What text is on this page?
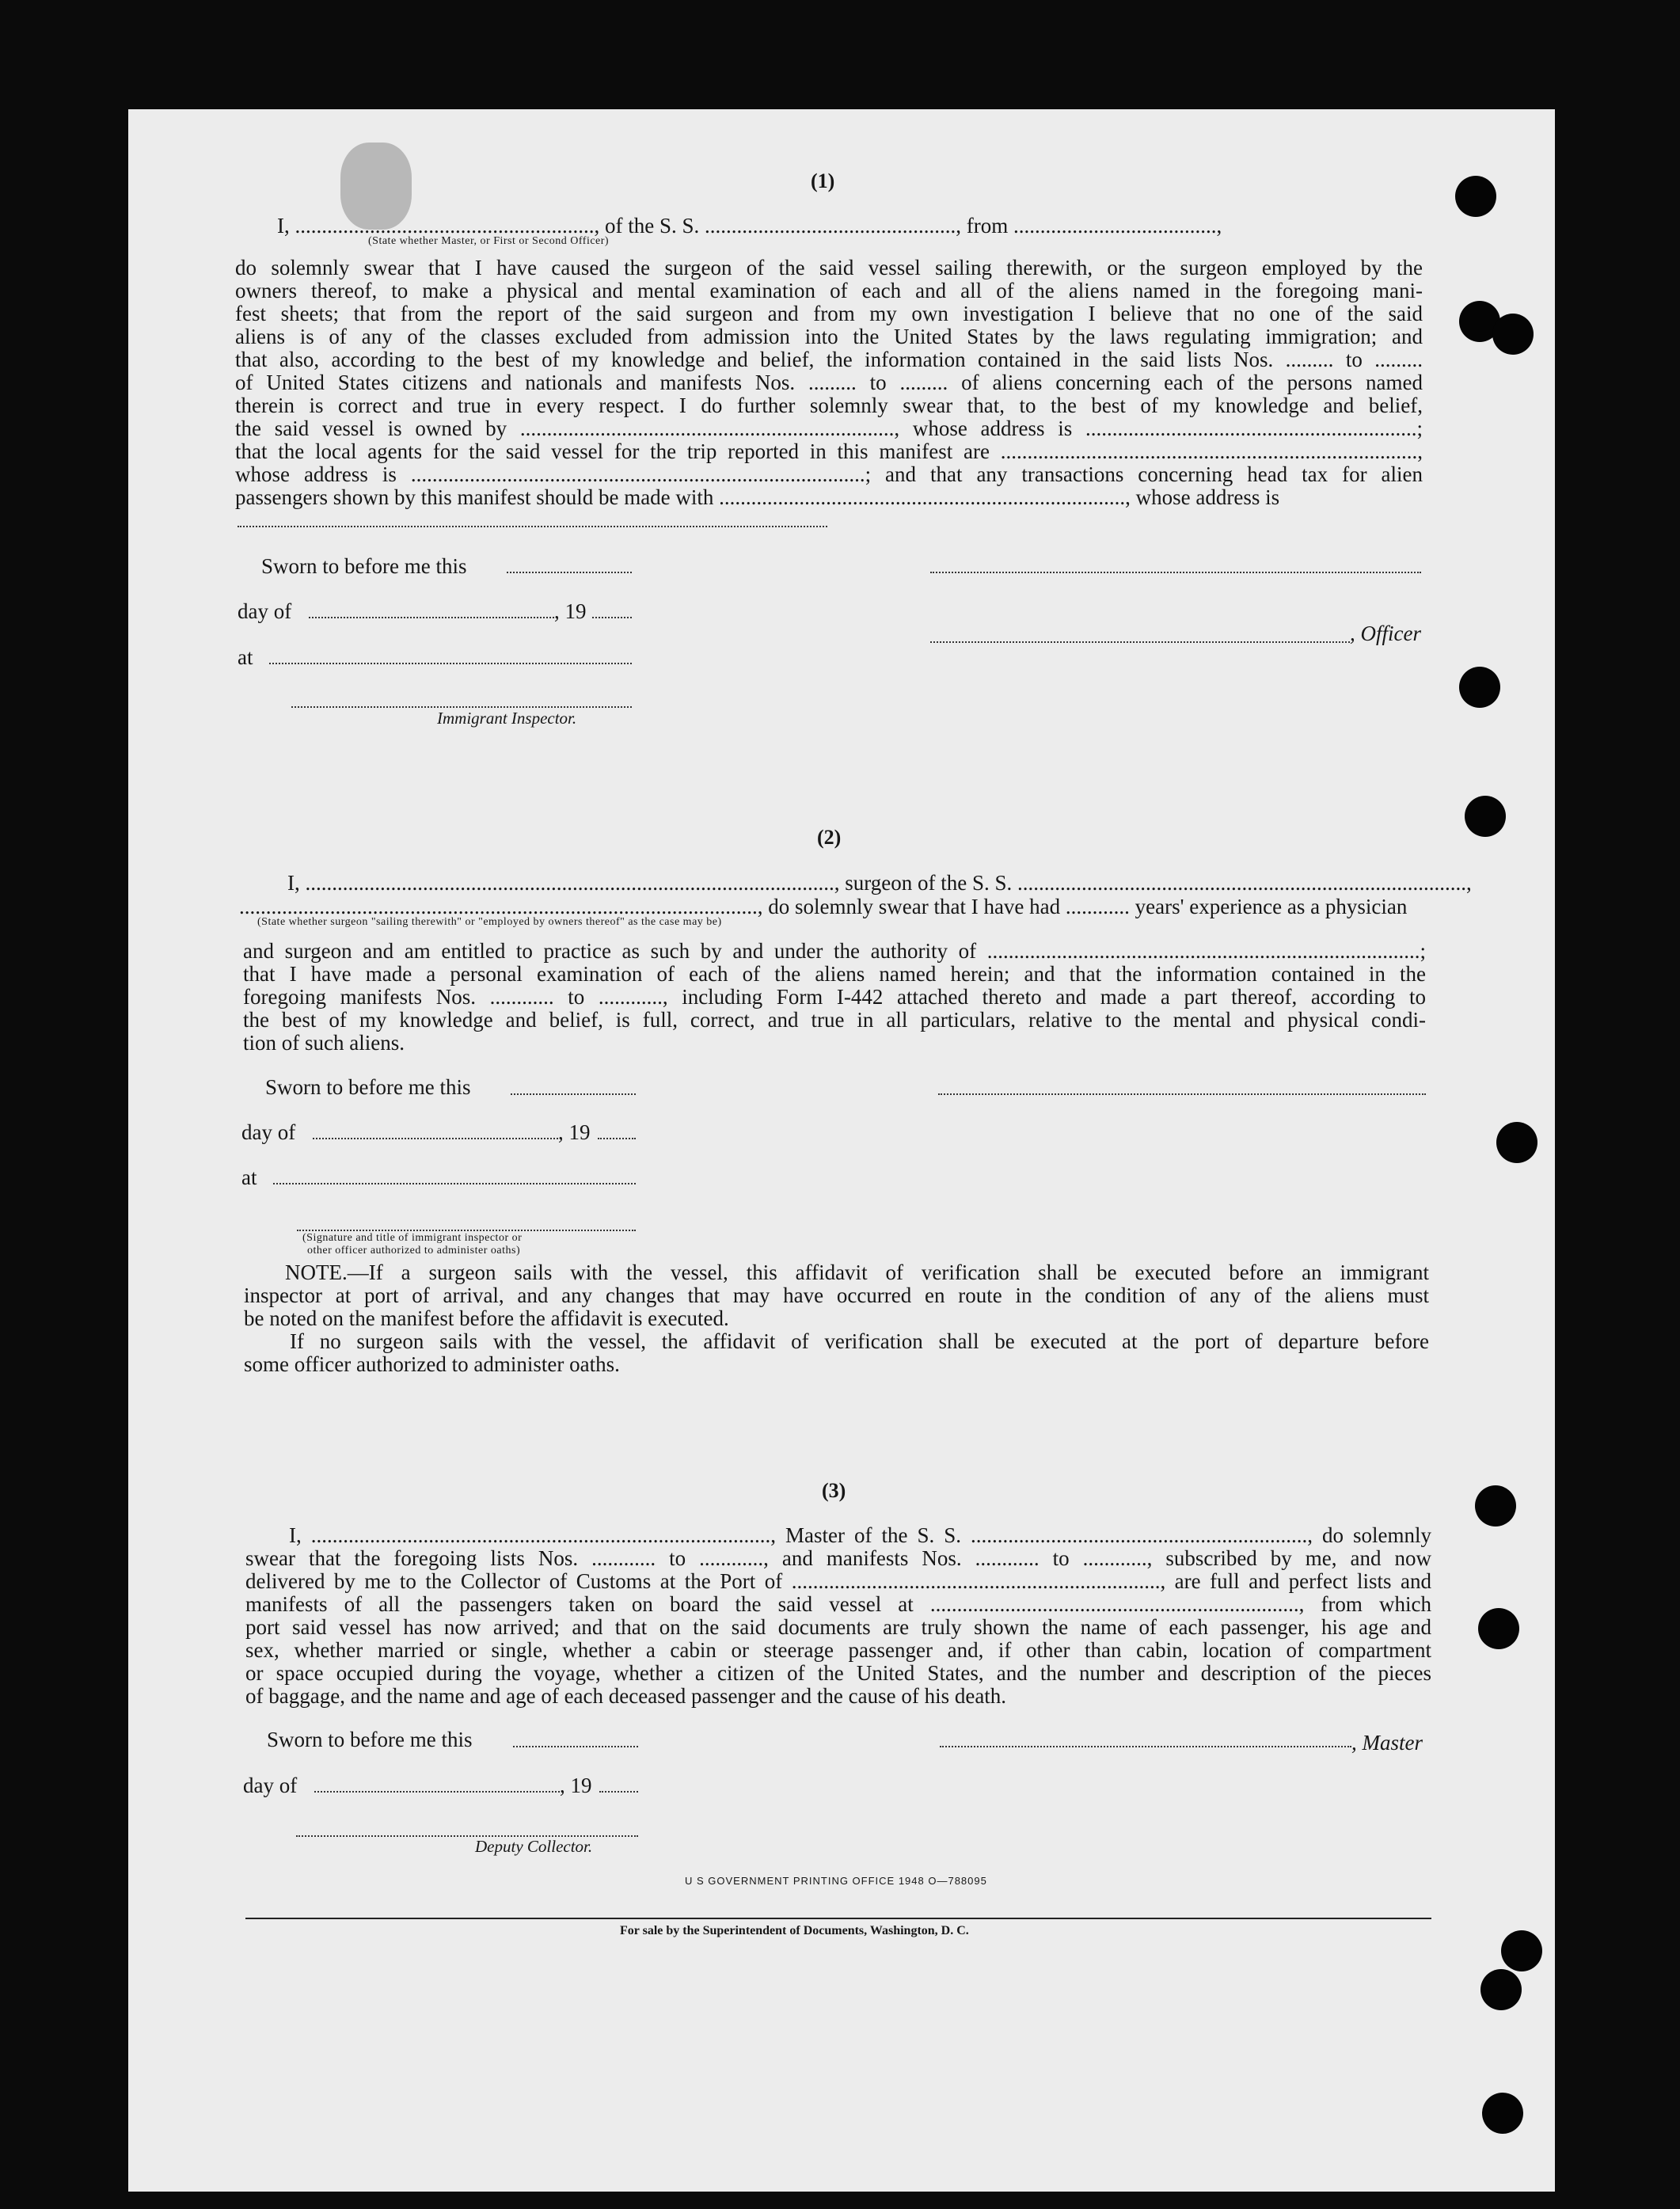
(1)
I, ........................................................, of the S. S. ..............................................., from ......................................,
(State whether Master, or First or Second Officer)
do solemnly swear that I have caused the surgeon of the said vessel sailing therewith, or the surgeon employed by the
owners thereof, to make a physical and mental examination of each and all of the aliens named in the foregoing mani-
fest sheets; that from the report of the said surgeon and from my own investigation I believe that no one of the said
aliens is of any of the classes excluded from admission into the United States by the laws regulating immigration; and
that also, according to the best of my knowledge and belief, the information contained in the said lists Nos. ......... to .........
of United States citizens and nationals and manifests Nos. ......... to ......... of aliens concerning each of the persons named
therein is correct and true in every respect. I do further solemnly swear that, to the best of my knowledge and belief,
the said vessel is owned by ......................................................................, whose address is ..............................................................;
that the local agents for the said vessel for the trip reported in this manifest are ..............................................................................,
whose address is .....................................................................................; and that any transactions concerning head tax for alien
passengers shown by this manifest should be made with ............................................................................, whose address is
Sworn to before me this
day of	, 19
, Officer
at
Immigrant Inspector.
(2)
I, ..................................................................................................., surgeon of the S. S. ....................................................................................,
................................................................................................., do solemnly swear that I have had ............ years' experience as a physician
(State whether surgeon "sailing therewith" or "employed by owners thereof" as the case may be)
and surgeon and am entitled to practice as such by and under the authority of .................................................................................;
that I have made a personal examination of each of the aliens named herein; and that the information contained in the
foregoing manifests Nos. ............ to ............, including Form I-442 attached thereto and made a part thereof, according to
the best of my knowledge and belief, is full, correct, and true in all particulars, relative to the mental and physical condi-
tion of such aliens.
Sworn to before me this
day of	, 19
at
(Signature and title of immigrant inspector or
other officer authorized to administer oaths)
NOTE.—If a surgeon sails with the vessel, this affidavit of verification shall be executed before an immigrant
inspector at port of arrival, and any changes that may have occurred en route in the condition of any of the aliens must
be noted on the manifest before the affidavit is executed.
If no surgeon sails with the vessel, the affidavit of verification shall be executed at the port of departure before
some officer authorized to administer oaths.
(3)
I, ......................................................................................, Master of the S. S. ..............................................................., do solemnly
swear that the foregoing lists Nos. ............ to ............, and manifests Nos. ............ to ............, subscribed by me, and now
delivered by me to the Collector of Customs at the Port of ....................................................................., are full and perfect lists and
manifests of all the passengers taken on board the said vessel at ....................................................................., from which
port said vessel has now arrived; and that on the said documents are truly shown the name of each passenger, his age and
sex, whether married or single, whether a cabin or steerage passenger and, if other than cabin, location of compartment
or space occupied during the voyage, whether a citizen of the United States, and the number and description of the pieces
of baggage, and the name and age of each deceased passenger and the cause of his death.
Sworn to before me this	, Master
day of	, 19
Deputy Collector.
U S GOVERNMENT PRINTING OFFICE 1948 O—788095
For sale by the Superintendent of Documents, Washington, D. C.
